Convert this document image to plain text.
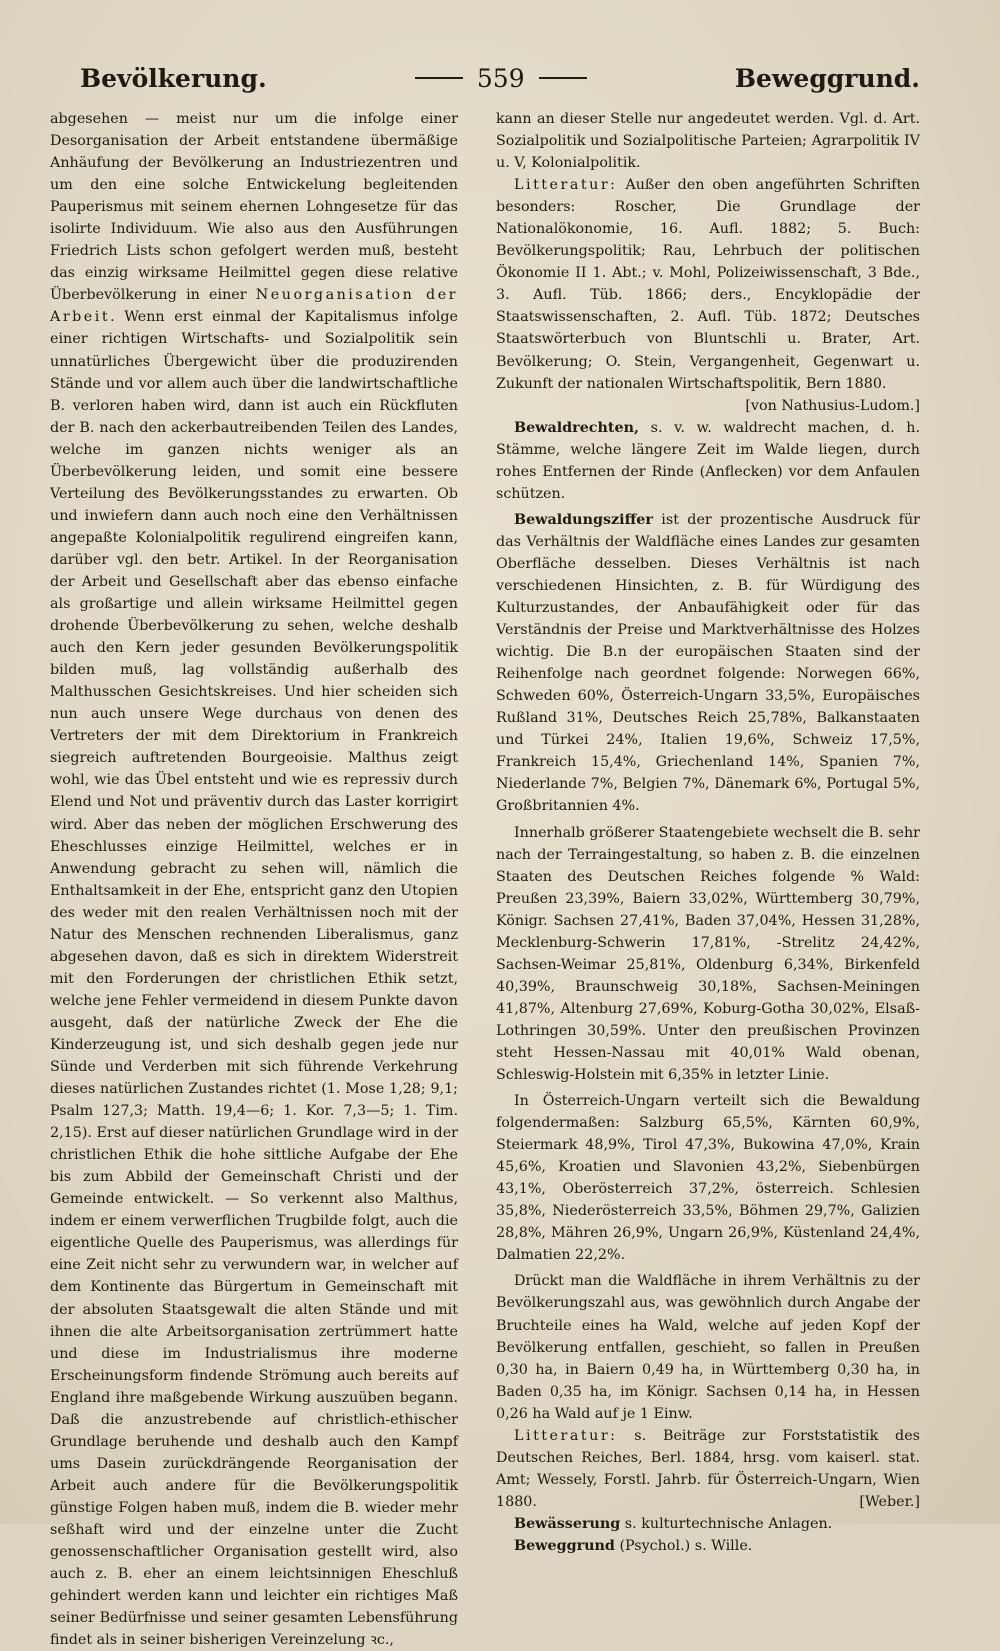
Bevölkerung.	559	Beweggrund.

abgesehen — meist nur um die infolge einer Desorganisation der Arbeit entstandene übermäßige Anhäufung der Bevölkerung an Industriezentren und um den eine solche Entwickelung begleitenden Pauperismus mit seinem ehernen Lohngesetze für das isolirte Individuum. Wie also aus den Ausführungen Friedrich Lists schon gefolgert werden muß, besteht das einzig wirksame Heilmittel gegen diese relative Überbevölkerung in einer Neuorganisation der Arbeit. Wenn erst einmal der Kapitalismus infolge einer richtigen Wirtschafts- und Sozialpolitik sein unnatürliches Übergewicht über die produzirenden Stände und vor allem auch über die landwirtschaftliche B. verloren haben wird, dann ist auch ein Rückfluten der B. nach den ackerbautreibenden Teilen des Landes, welche im ganzen nichts weniger als an Überbevölkerung leiden, und somit eine bessere Verteilung des Bevölkerungsstandes zu erwarten. Ob und inwiefern dann auch noch eine den Verhältnissen angepaßte Kolonialpolitik regulirend eingreifen kann, darüber vgl. den betr. Artikel. In der Reorganisation der Arbeit und Gesellschaft aber das ebenso einfache als großartige und allein wirksame Heilmittel gegen drohende Überbevölkerung zu sehen, welche deshalb auch den Kern jeder gesunden Bevölkerungspolitik bilden muß, lag vollständig außerhalb des Malthusschen Gesichtskreises. Und hier scheiden sich nun auch unsere Wege durchaus von denen des Vertreters der mit dem Direktorium in Frankreich siegreich auftretenden Bourgeoisie. Malthus zeigt wohl, wie das Übel entsteht und wie es repressiv durch Elend und Not und präventiv durch das Laster korrigirt wird. Aber das neben der möglichen Erschwerung des Eheschlusses einzige Heilmittel, welches er in Anwendung gebracht zu sehen will, nämlich die Enthaltsamkeit in der Ehe, entspricht ganz den Utopien des weder mit den realen Verhältnissen noch mit der Natur des Menschen rechnenden Liberalismus, ganz abgesehen davon, daß es sich in direktem Widerstreit mit den Forderungen der christlichen Ethik setzt, welche jene Fehler vermeidend in diesem Punkte davon ausgeht, daß der natürliche Zweck der Ehe die Kinderzeugung ist, und sich deshalb gegen jede nur Sünde und Verderben mit sich führende Verkehrung dieses natürlichen Zustandes richtet (1. Mose 1,28; 9,1; Psalm 127,3; Matth. 19,4—6; 1. Kor. 7,3—5; 1. Tim. 2,15). Erst auf dieser natürlichen Grundlage wird in der christlichen Ethik die hohe sittliche Aufgabe der Ehe bis zum Abbild der Gemeinschaft Christi und der Gemeinde entwickelt. — So verkennt also Malthus, indem er einem verwerflichen Trugbilde folgt, auch die eigentliche Quelle des Pauperismus, was allerdings für eine Zeit nicht sehr zu verwundern war, in welcher auf dem Kontinente das Bürgertum in Gemeinschaft mit der absoluten Staatsgewalt die alten Stände und mit ihnen die alte Arbeitsorganisation zertrümmert hatte und diese im Industrialismus ihre moderne Erscheinungsform findende Strömung auch bereits auf England ihre maßgebende Wirkung auszuüben begann. Daß die anzustrebende auf christlich-ethischer Grundlage beruhende und deshalb auch den Kampf ums Dasein zurückdrängende Reorganisation der Arbeit auch andere für die Bevölkerungspolitik günstige Folgen haben muß, indem die B. wieder mehr seßhaft wird und der einzelne unter die Zucht genossenschaftlicher Organisation gestellt wird, also auch z. B. eher an einem leichtsinnigen Eheschluß gehindert werden kann und leichter ein richtiges Maß seiner Bedürfnisse und seiner gesamten Lebensführung findet als in seiner bisherigen Vereinzelung ꝛc.,

kann an dieser Stelle nur angedeutet werden. Vgl. d. Art. Sozialpolitik und Sozialpolitische Parteien; Agrarpolitik IV u. V, Kolonialpolitik.

Litteratur: Außer den oben angeführten Schriften besonders: Roscher, Die Grundlage der Nationalökonomie, 16. Aufl. 1882; 5. Buch: Bevölkerungspolitik; Rau, Lehrbuch der politischen Ökonomie II 1. Abt.; v. Mohl, Polizeiwissenschaft, 3 Bde., 3. Aufl. Tüb. 1866; ders., Encyklopädie der Staatswissenschaften, 2. Aufl. Tüb. 1872; Deutsches Staatswörterbuch von Bluntschli u. Brater, Art. Bevölkerung; O. Stein, Vergangenheit, Gegenwart u. Zukunft der nationalen Wirtschaftspolitik, Bern 1880.
[von Nathusius-Ludom.]

Bewaldrechten, s. v. w. waldrecht machen, d. h. Stämme, welche längere Zeit im Walde liegen, durch rohes Entfernen der Rinde (Anflecken) vor dem Anfaulen schützen.

Bewaldungsziffer ist der prozentische Ausdruck für das Verhältnis der Waldfläche eines Landes zur gesamten Oberfläche desselben. Dieses Verhältnis ist nach verschiedenen Hinsichten, z. B. für Würdigung des Kulturzustandes, der Anbaufähigkeit oder für das Verständnis der Preise und Marktverhältnisse des Holzes wichtig. Die B.n der europäischen Staaten sind der Reihenfolge nach geordnet folgende: Norwegen 66%, Schweden 60%, Österreich-Ungarn 33,5%, Europäisches Rußland 31%, Deutsches Reich 25,78%, Balkanstaaten und Türkei 24%, Italien 19,6%, Schweiz 17,5%, Frankreich 15,4%, Griechenland 14%, Spanien 7%, Niederlande 7%, Belgien 7%, Dänemark 6%, Portugal 5%, Großbritannien 4%.

Innerhalb größerer Staatengebiete wechselt die B. sehr nach der Terraingestaltung, so haben z. B. die einzelnen Staaten des Deutschen Reiches folgende % Wald: Preußen 23,39%, Baiern 33,02%, Württemberg 30,79%, Königr. Sachsen 27,41%, Baden 37,04%, Hessen 31,28%, Mecklenburg-Schwerin 17,81%, -Strelitz 24,42%, Sachsen-Weimar 25,81%, Oldenburg 6,34%, Birkenfeld 40,39%, Braunschweig 30,18%, Sachsen-Meiningen 41,87%, Altenburg 27,69%, Koburg-Gotha 30,02%, Elsaß-Lothringen 30,59%. Unter den preußischen Provinzen steht Hessen-Nassau mit 40,01% Wald obenan, Schleswig-Holstein mit 6,35% in letzter Linie.

In Österreich-Ungarn verteilt sich die Bewaldung folgendermaßen: Salzburg 65,5%, Kärnten 60,9%, Steiermark 48,9%, Tirol 47,3%, Bukowina 47,0%, Krain 45,6%, Kroatien und Slavonien 43,2%, Siebenbürgen 43,1%, Oberösterreich 37,2%, österreich. Schlesien 35,8%, Niederösterreich 33,5%, Böhmen 29,7%, Galizien 28,8%, Mähren 26,9%, Ungarn 26,9%, Küstenland 24,4%, Dalmatien 22,2%.

Drückt man die Waldfläche in ihrem Verhältnis zu der Bevölkerungszahl aus, was gewöhnlich durch Angabe der Bruchteile eines ha Wald, welche auf jeden Kopf der Bevölkerung entfallen, geschieht, so fallen in Preußen 0,30 ha, in Baiern 0,49 ha, in Württemberg 0,30 ha, in Baden 0,35 ha, im Königr. Sachsen 0,14 ha, in Hessen 0,26 ha Wald auf je 1 Einw.

Litteratur: s. Beiträge zur Forststatistik des Deutschen Reiches, Berl. 1884, hrsg. vom kaiserl. stat. Amt; Wessely, Forstl. Jahrb. für Österreich-Ungarn, Wien 1880.	[Weber.]

Bewässerung s. kulturtechnische Anlagen.

Beweggrund (Psychol.) s. Wille.
